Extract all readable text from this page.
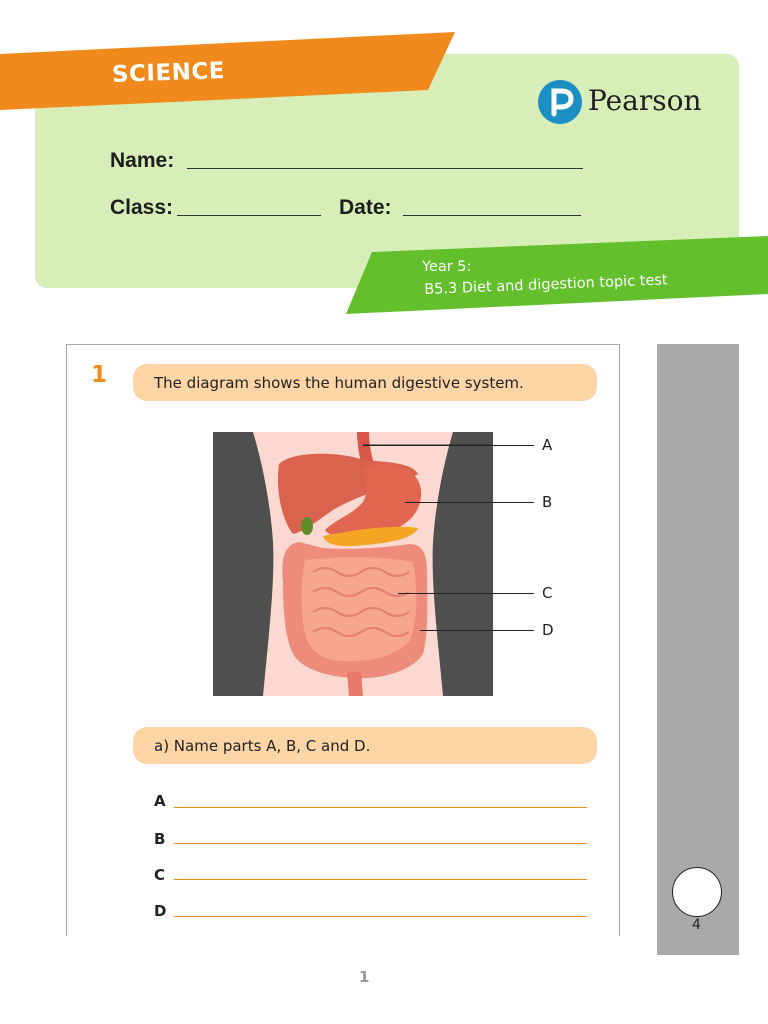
SCIENCE
Pearson
Name:
Class:	Date:
Year 5:
B5.3 Diet and digestion topic test
1	The diagram shows the human digestive system.
A
B
C
D
a) Name parts A, B, C and D.
A
B
C
D
4
1
